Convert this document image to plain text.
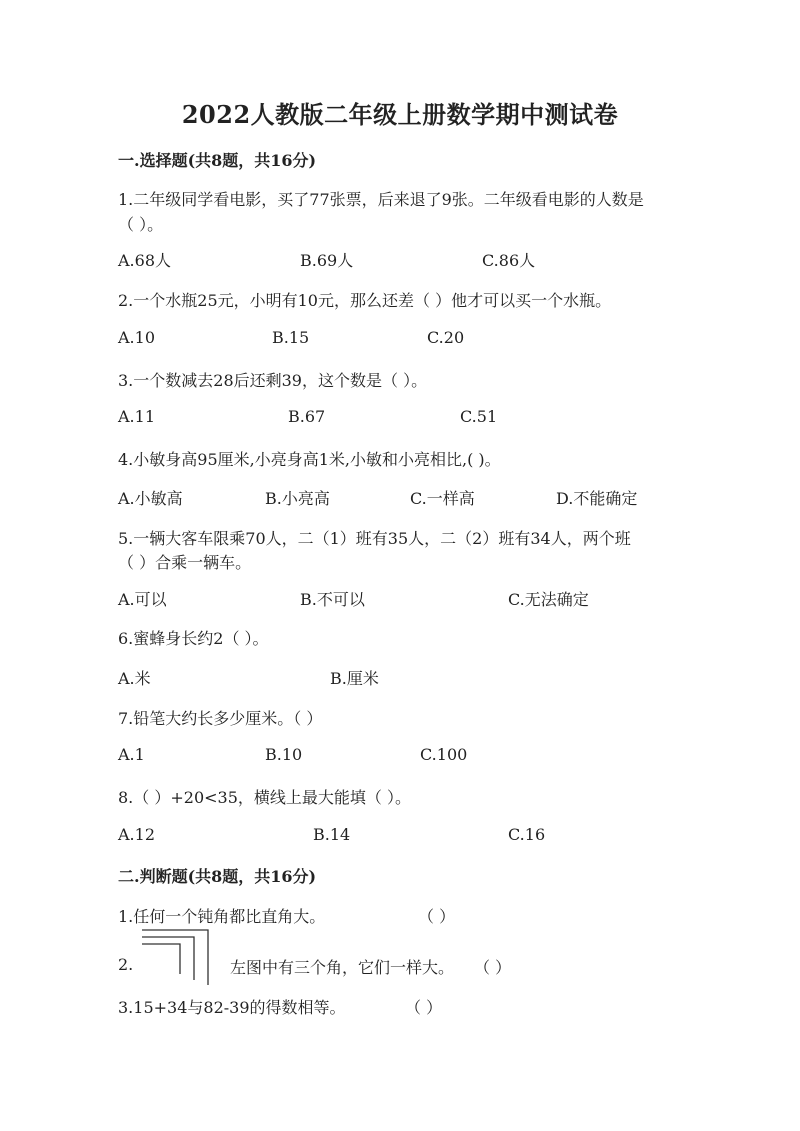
2022人教版二年级上册数学期中测试卷
一.选择题(共8题，共16分)
1.二年级同学看电影，买了77张票，后来退了9张。二年级看电影的人数是
（ ）。
A.68人	B.69人	C.86人
2.一个水瓶25元，小明有10元，那么还差（ ）他才可以买一个水瓶。
A.10	B.15	C.20
3.一个数减去28后还剩39，这个数是（ ）。
A.11	B.67	C.51
4.小敏身高95厘米,小亮身高1米,小敏和小亮相比,( )。
A.小敏高	B.小亮高	C.一样高	D.不能确定
5.一辆大客车限乘70人，二（1）班有35人，二（2）班有34人，两个班
（ ）合乘一辆车。
A.可以	B.不可以	C.无法确定
6.蜜蜂身长约2（ ）。
A.米	B.厘米
7.铅笔大约长多少厘米。（ ）
A.1	B.10	C.100
8.（ ）+20<35，横线上最大能填（ ）。
A.12	B.14	C.16
二.判断题(共8题，共16分)
1.任何一个钝角都比直角大。	（ ）
2.	左图中有三个角，它们一样大。 （ ）
3.15+34与82-39的得数相等。	（ ）
